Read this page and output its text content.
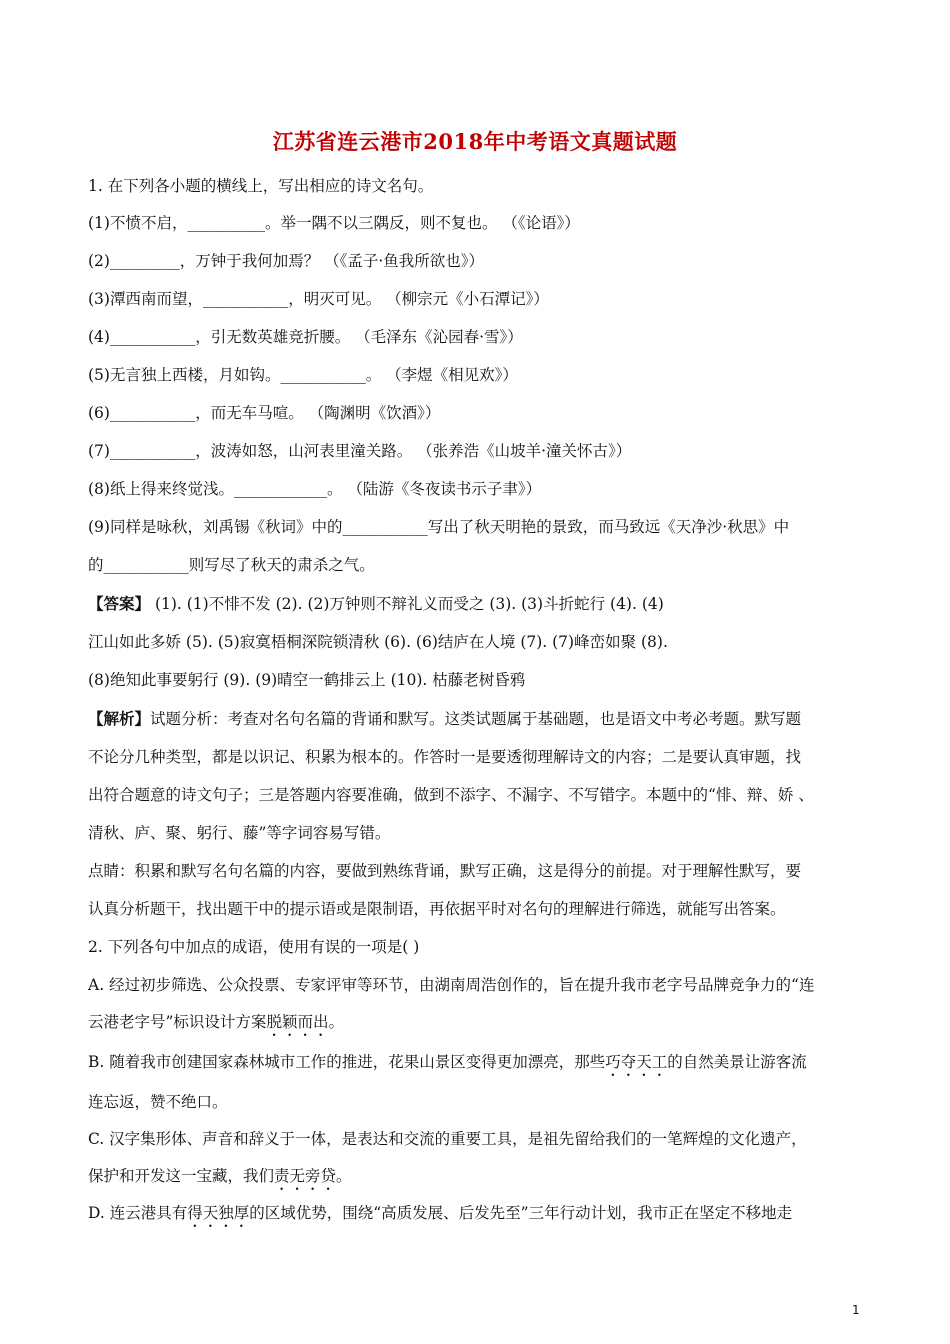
江苏省连云港市2018年中考语文真题试题
1. 在下列各小题的横线上，写出相应的诗文名句。
(1)不愤不启，__________。举一隅不以三隅反，则不复也。 （《论语》）
(2)_________，万钟于我何加焉？ （《孟子·鱼我所欲也》）
(3)潭西南而望，___________，明灭可见。 （柳宗元《小石潭记》）
(4)___________，引无数英雄竞折腰。 （毛泽东《沁园春·雪》）
(5)无言独上西楼，月如钩。___________。 （李煜《相见欢》）
(6)___________，而无车马喧。 （陶渊明《饮酒》）
(7)___________，波涛如怒，山河表里潼关路。 （张养浩《山坡羊·潼关怀古》）
(8)纸上得来终觉浅。____________。 （陆游《冬夜读书示子聿》）
(9)同样是咏秋，刘禹锡《秋词》中的___________写出了秋天明艳的景致，而马致远《天净沙·秋思》中
的___________则写尽了秋天的肃杀之气。
【答案】 (1). (1)不悱不发 (2). (2)万钟则不辩礼义而受之 (3). (3)斗折蛇行 (4). (4)
江山如此多娇 (5). (5)寂寞梧桐深院锁清秋 (6). (6)结庐在人境 (7). (7)峰峦如聚 (8).
(8)绝知此事要躬行 (9). (9)晴空一鹤排云上 (10). 枯藤老树昏鸦
【解析】试题分析：考查对名句名篇的背诵和默写。这类试题属于基础题，也是语文中考必考题。默写题
不论分几种类型，都是以识记、积累为根本的。作答时一是要透彻理解诗文的内容；二是要认真审题，找
出符合题意的诗文句子；三是答题内容要准确，做到不添字、不漏字、不写错字。本题中的“悱、辩、娇 、
清秋、庐、聚、躬行、藤”等字词容易写错。
点睛：积累和默写名句名篇的内容，要做到熟练背诵，默写正确，这是得分的前提。对于理解性默写，要
认真分析题干，找出题干中的提示语或是限制语，再依据平时对名句的理解进行筛选，就能写出答案。
2. 下列各句中加点的成语，使用有误的一项是( )
A. 经过初步筛选、公众投票、专家评审等环节，由湖南周浩创作的，旨在提升我市老字号品牌竞争力的“连
云港老字号”标识设计方案脱颖而出。
B. 随着我市创建国家森林城市工作的推进，花果山景区变得更加漂亮，那些巧夺天工的自然美景让游客流
连忘返，赞不绝口。
C. 汉字集形体、声音和辞义于一体，是表达和交流的重要工具，是祖先留给我们的一笔辉煌的文化遗产，
保护和开发这一宝藏，我们责无旁贷。
D. 连云港具有得天独厚的区域优势，围绕“高质发展、后发先至”三年行动计划，我市正在坚定不移地走
1
